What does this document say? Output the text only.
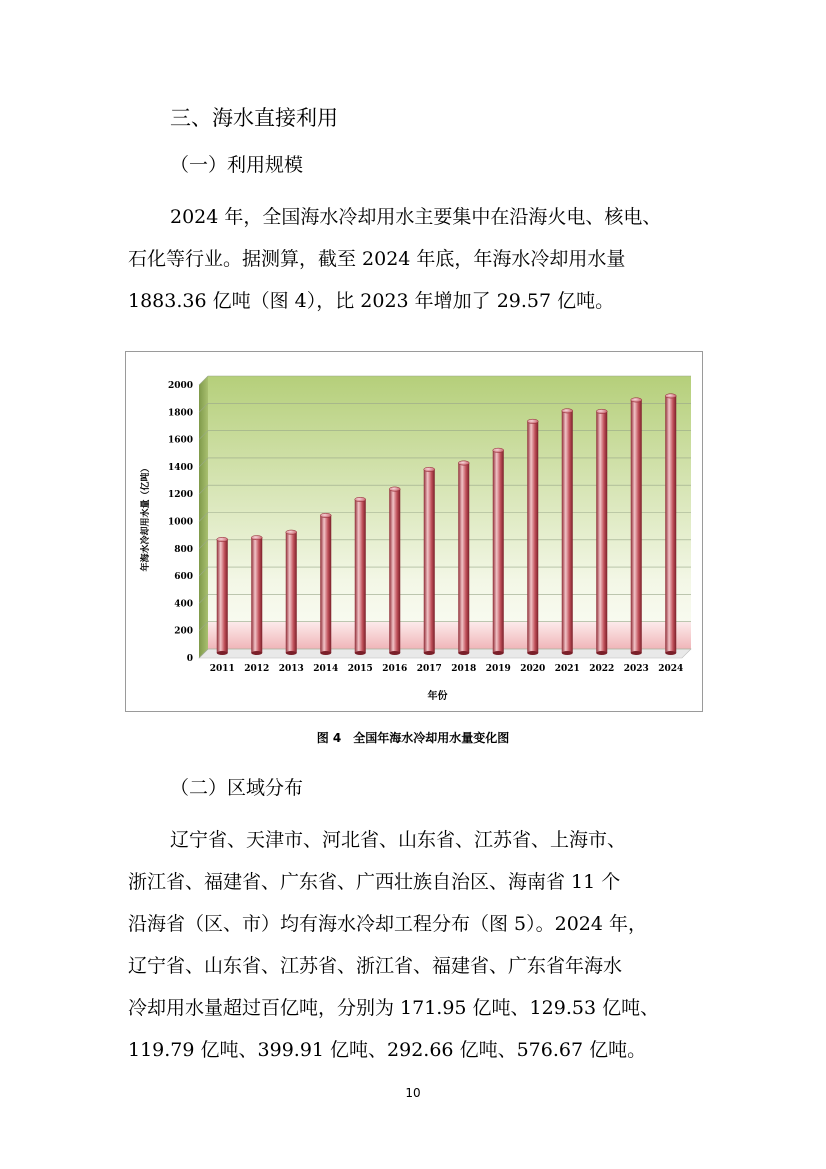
三、海水直接利用
（一）利用规模
2024 年，全国海水冷却用水主要集中在沿海火电、核电、
石化等行业。据测算，截至 2024 年底，年海水冷却用水量
1883.36 亿吨（图 4），比 2023 年增加了 29.57 亿吨。
0
200
400
600
800
1000
1200
1400
1600
1800
2000
2011 2012 2013 2014 2015 2016 2017 2018 2019 2020 2021 2022 2023 2024
年份
年海水冷却用水量（亿吨）
图 4　全国年海水冷却用水量变化图
（二）区域分布
辽宁省、天津市、河北省、山东省、江苏省、上海市、
浙江省、福建省、广东省、广西壮族自治区、海南省 11 个
沿海省（区、市）均有海水冷却工程分布（图 5）。2024 年，
辽宁省、山东省、江苏省、浙江省、福建省、广东省年海水
冷却用水量超过百亿吨，分别为 171.95 亿吨、129.53 亿吨、
119.79 亿吨、399.91 亿吨、292.66 亿吨、576.67 亿吨。
10
